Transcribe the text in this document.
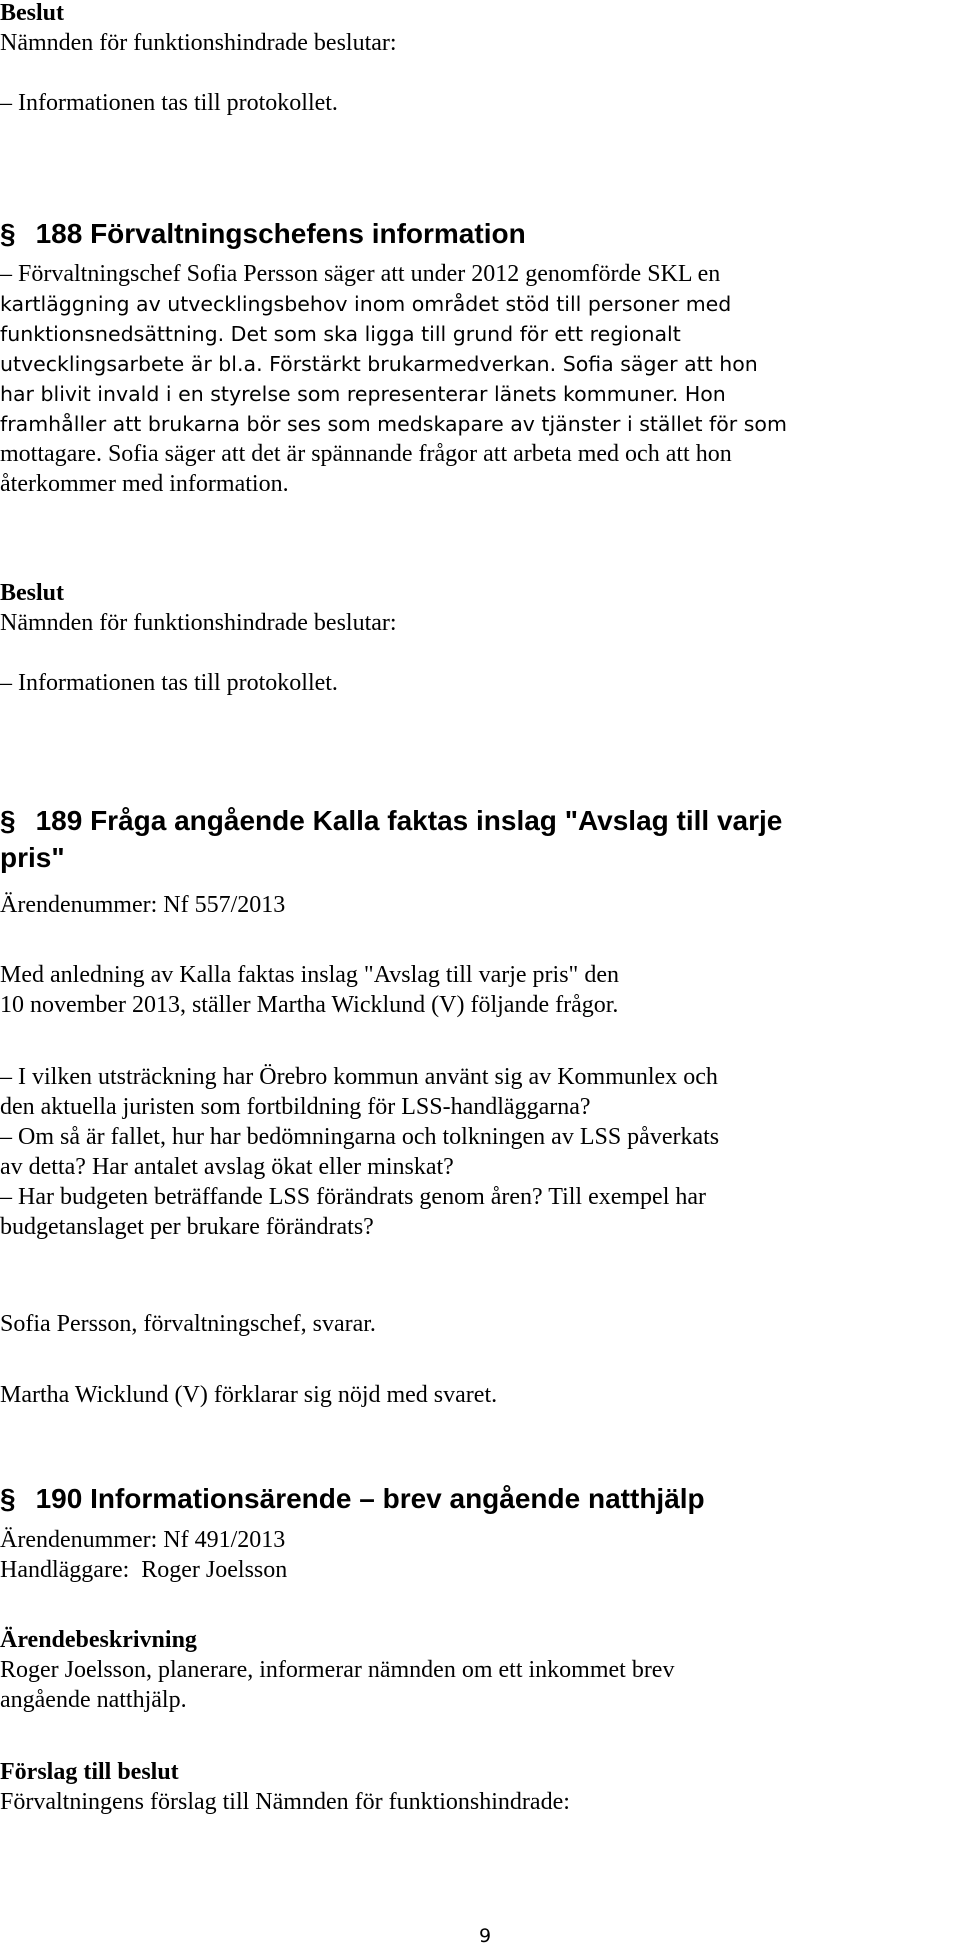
Beslut
Nämnden för funktionshindrade beslutar:
– Informationen tas till protokollet.
§ 188 Förvaltningschefens information
– Förvaltningschef Sofia Persson säger att under 2012 genomförde SKL en
kartläggning av utvecklingsbehov inom området stöd till personer med
funktionsnedsättning. Det som ska ligga till grund för ett regionalt
utvecklingsarbete är bl.a. Förstärkt brukarmedverkan. Sofia säger att hon
har blivit invald i en styrelse som representerar länets kommuner. Hon
framhåller att brukarna bör ses som medskapare av tjänster i stället för som
mottagare. Sofia säger att det är spännande frågor att arbeta med och att hon
återkommer med information.
Beslut
Nämnden för funktionshindrade beslutar:
– Informationen tas till protokollet.
§ 189 Fråga angående Kalla faktas inslag "Avslag till varje
pris"
Ärendenummer: Nf 557/2013
Med anledning av Kalla faktas inslag "Avslag till varje pris" den
10 november 2013, ställer Martha Wicklund (V) följande frågor.
– I vilken utsträckning har Örebro kommun använt sig av Kommunlex och
den aktuella juristen som fortbildning för LSS-handläggarna?
– Om så är fallet, hur har bedömningarna och tolkningen av LSS påverkats
av detta? Har antalet avslag ökat eller minskat?
– Har budgeten beträffande LSS förändrats genom åren? Till exempel har
budgetanslaget per brukare förändrats?
Sofia Persson, förvaltningschef, svarar.
Martha Wicklund (V) förklarar sig nöjd med svaret.
§ 190 Informationsärende – brev angående natthjälp
Ärendenummer: Nf 491/2013
Handläggare:  Roger Joelsson
Ärendebeskrivning
Roger Joelsson, planerare, informerar nämnden om ett inkommet brev
angående natthjälp.
Förslag till beslut
Förvaltningens förslag till Nämnden för funktionshindrade:
9
